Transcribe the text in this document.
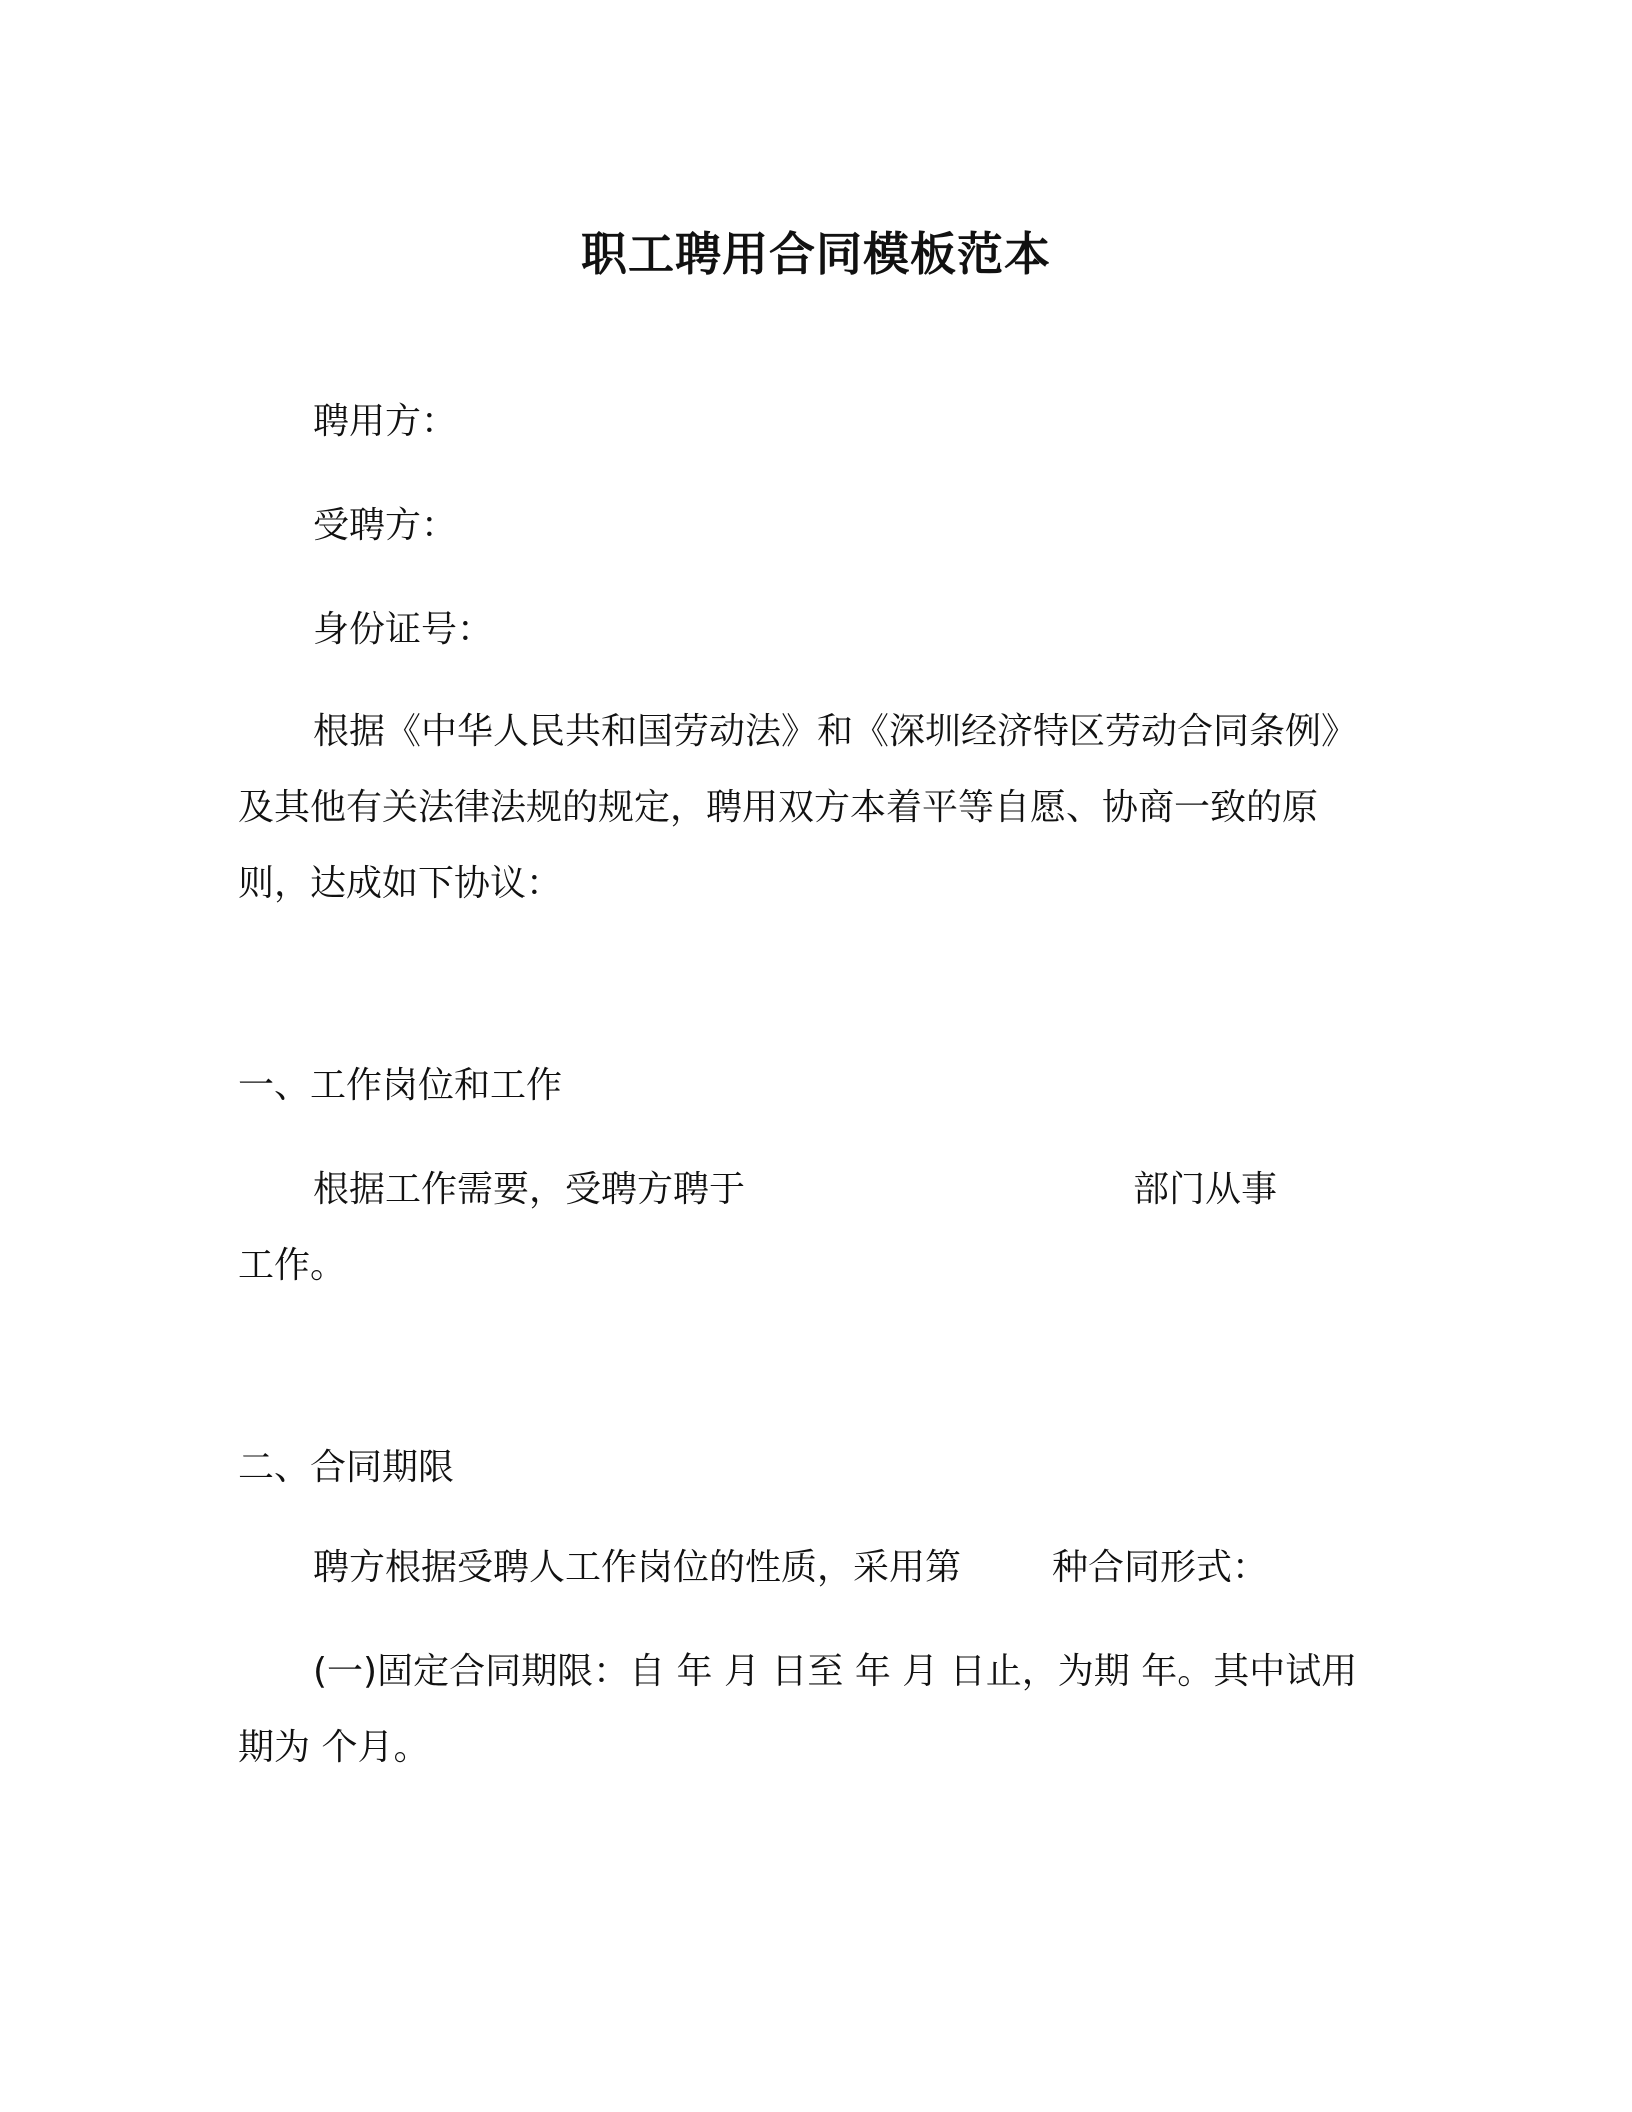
职工聘用合同模板范本
聘用方：
受聘方：
身份证号：
根据《中华人民共和国劳动法》和《深圳经济特区劳动合同条例》
及其他有关法律法规的规定，聘用双方本着平等自愿、协商一致的原
则，达成如下协议：
一、工作岗位和工作
根据工作需要，受聘方聘于	部门从事
工作。
二、合同期限
聘方根据受聘人工作岗位的性质，采用第	种合同形式：
(一)固定合同期限：自 年 月 日至 年 月 日止，为期 年。其中试用
期为 个月。
